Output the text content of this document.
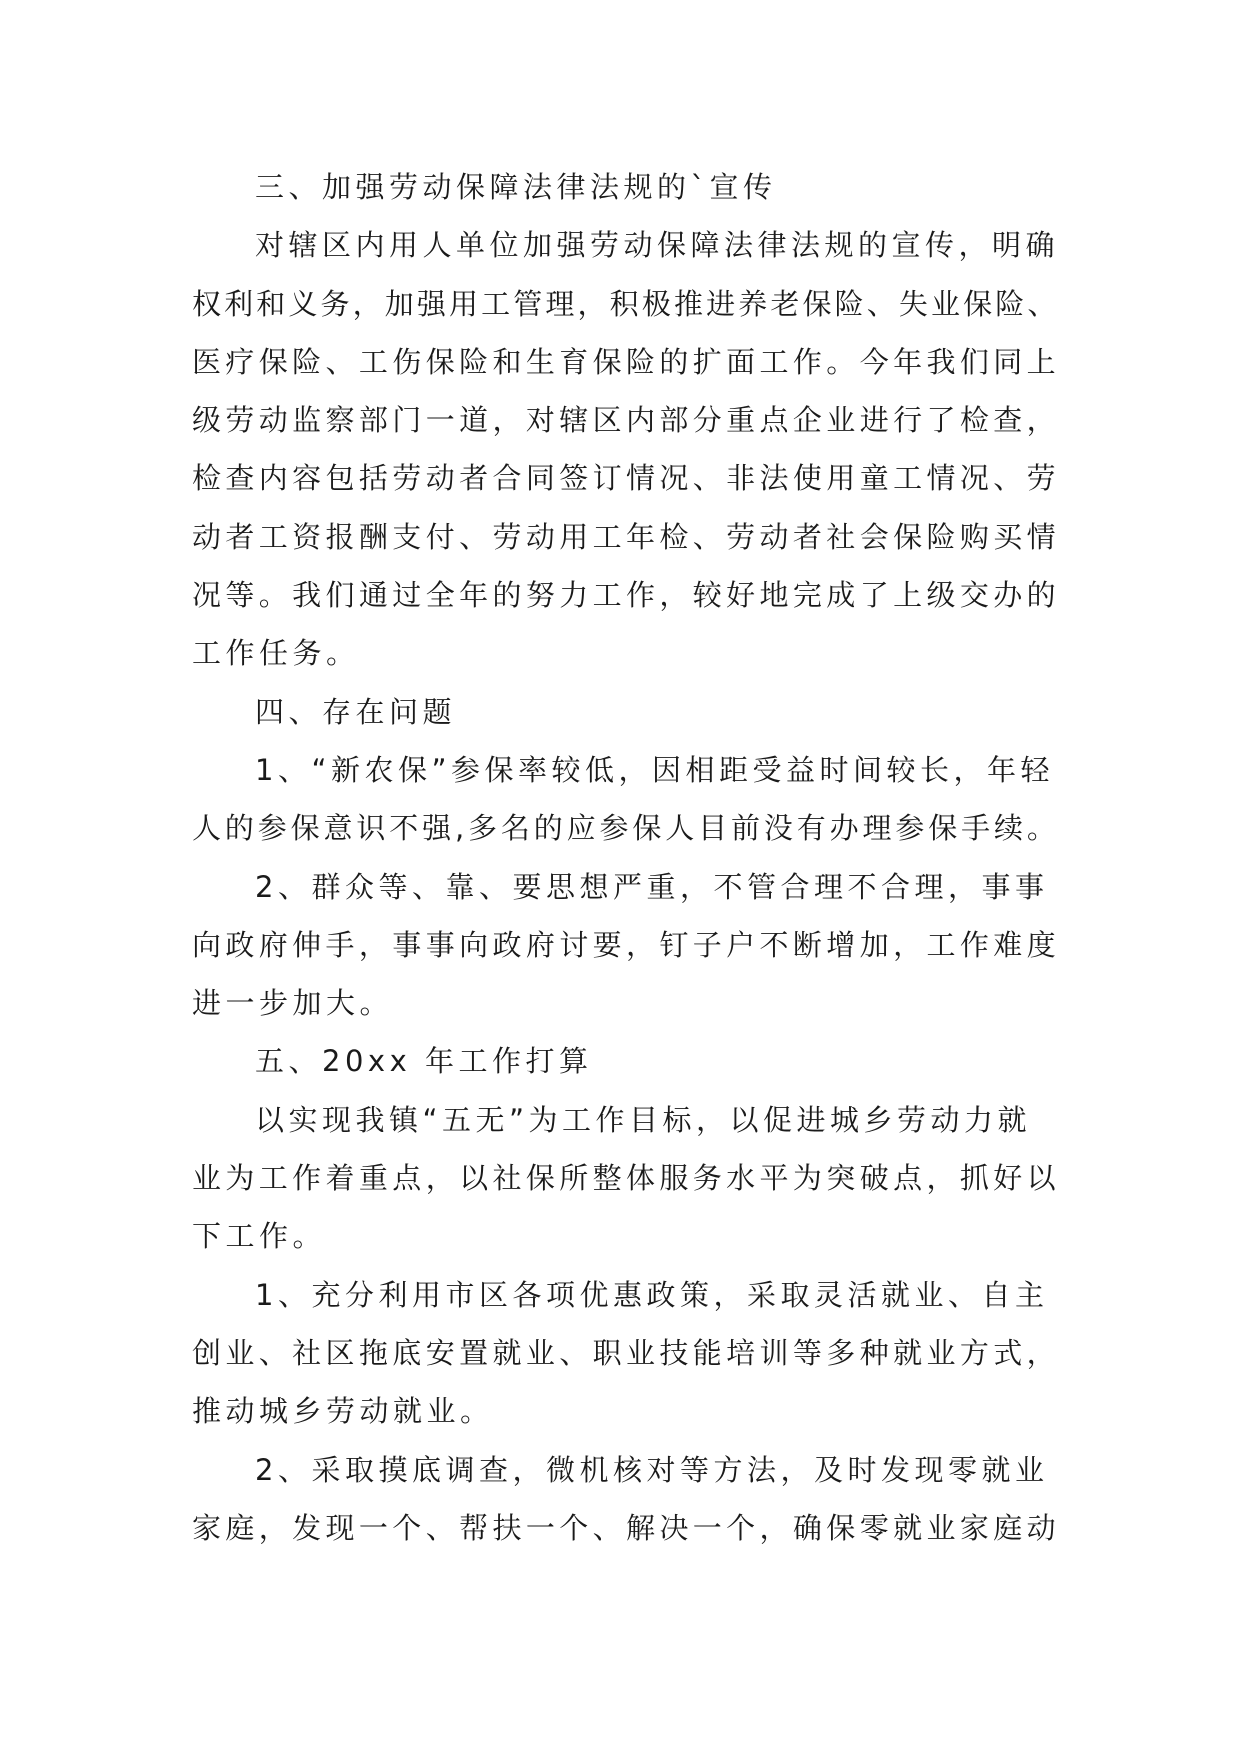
三、加强劳动保障法律法规的`宣传
对辖区内用人单位加强劳动保障法律法规的宣传，明确
权利和义务，加强用工管理，积极推进养老保险、失业保险、
医疗保险、工伤保险和生育保险的扩面工作。今年我们同上
级劳动监察部门一道，对辖区内部分重点企业进行了检查，
检查内容包括劳动者合同签订情况、非法使用童工情况、劳
动者工资报酬支付、劳动用工年检、劳动者社会保险购买情
况等。我们通过全年的努力工作，较好地完成了上级交办的
工作任务。
四、存在问题
1、“新农保”参保率较低，因相距受益时间较长，年轻
人的参保意识不强,多名的应参保人目前没有办理参保手续。
2、群众等、靠、要思想严重，不管合理不合理，事事
向政府伸手，事事向政府讨要，钉子户不断增加，工作难度
进一步加大。
五、20xx 年工作打算
以实现我镇“五无”为工作目标，以促进城乡劳动力就
业为工作着重点，以社保所整体服务水平为突破点，抓好以
下工作。
1、充分利用市区各项优惠政策，采取灵活就业、自主
创业、社区拖底安置就业、职业技能培训等多种就业方式，
推动城乡劳动就业。
2、采取摸底调查，微机核对等方法，及时发现零就业
家庭，发现一个、帮扶一个、解决一个，确保零就业家庭动
